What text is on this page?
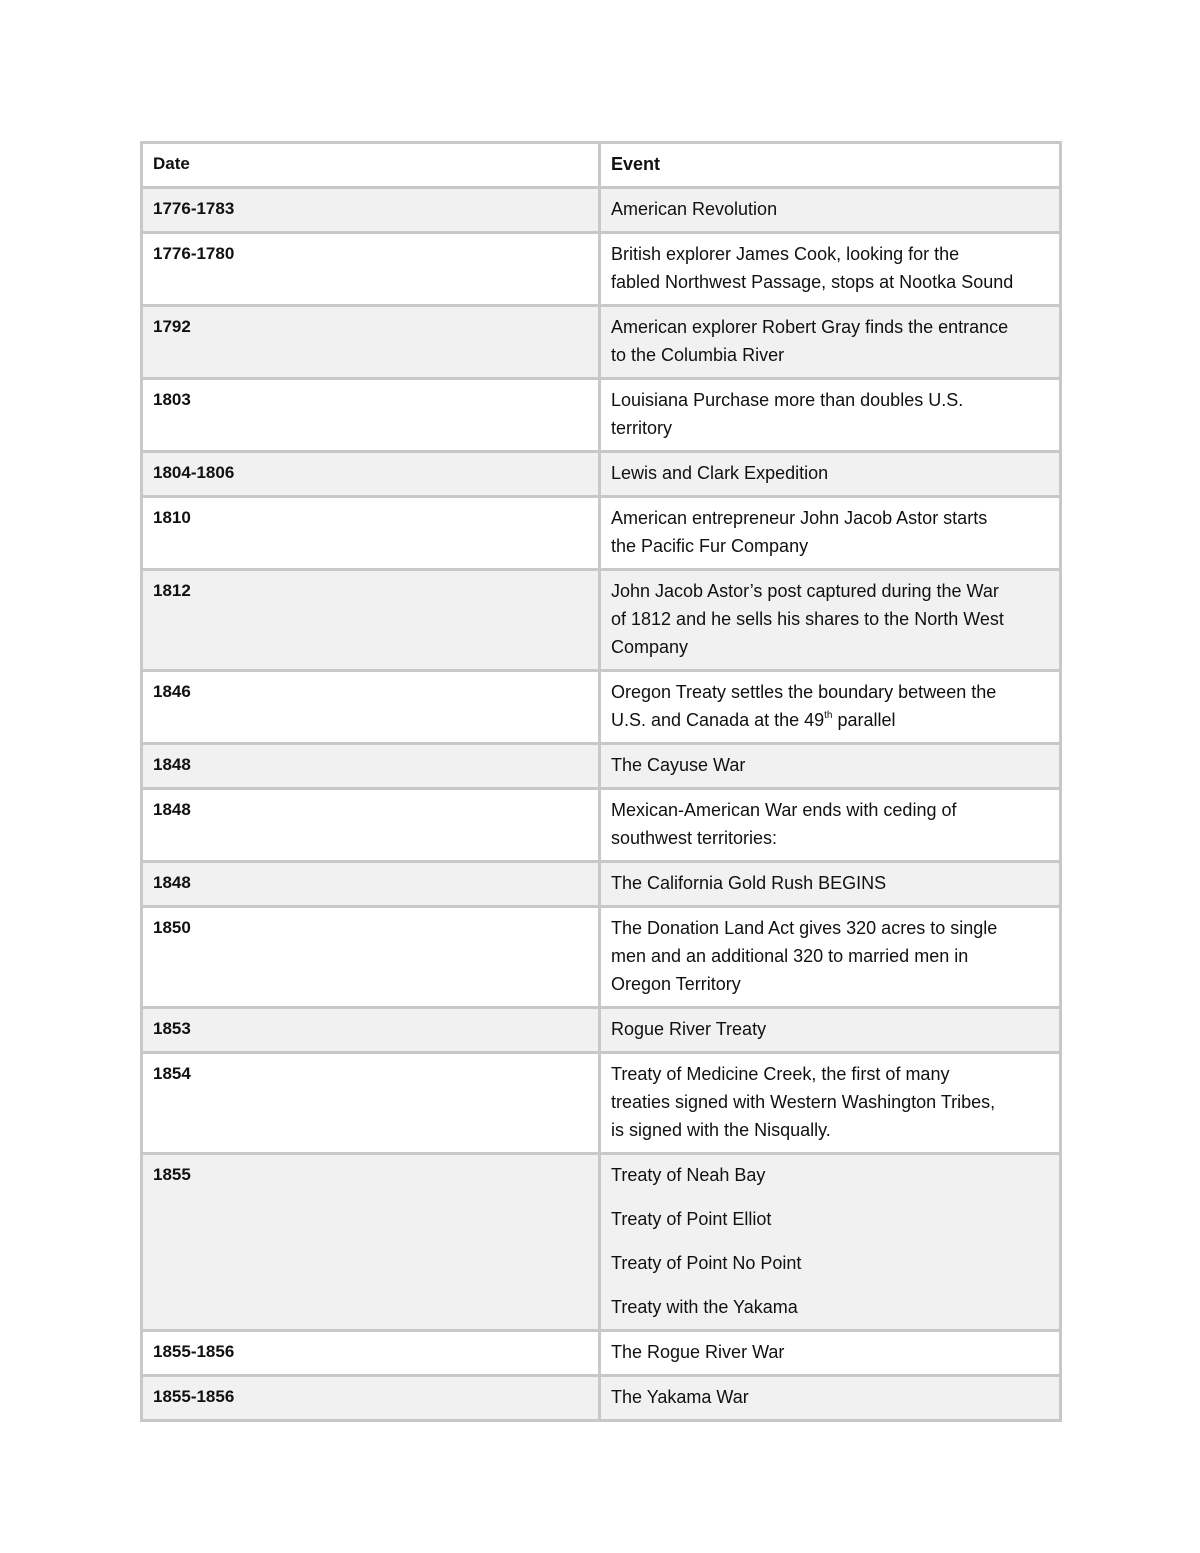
Date	Event
1776-1783	American Revolution

1776-1780	British explorer James Cook, looking for the
fabled Northwest Passage, stops at Nootka Sound

1792	American explorer Robert Gray finds the entrance
to the Columbia River

1803	Louisiana Purchase more than doubles U.S.
territory

1804-1806	Lewis and Clark Expedition

1810	American entrepreneur John Jacob Astor starts
the Pacific Fur Company

1812	John Jacob Astor’s post captured during the War
of 1812 and he sells his shares to the North West
Company

1846	Oregon Treaty settles the boundary between the
U.S. and Canada at the 49th parallel

1848	The Cayuse War

1848	Mexican-American War ends with ceding of
southwest territories:

1848	The California Gold Rush BEGINS

1850	The Donation Land Act gives 320 acres to single
men and an additional 320 to married men in
Oregon Territory

1853	Rogue River Treaty

1854	Treaty of Medicine Creek, the first of many
treaties signed with Western Washington Tribes,
is signed with the Nisqually.

1855	Treaty of Neah Bay
Treaty of Point Elliot
Treaty of Point No Point
Treaty with the Yakama

1855-1856	The Rogue River War

1855-1856	The Yakama War
